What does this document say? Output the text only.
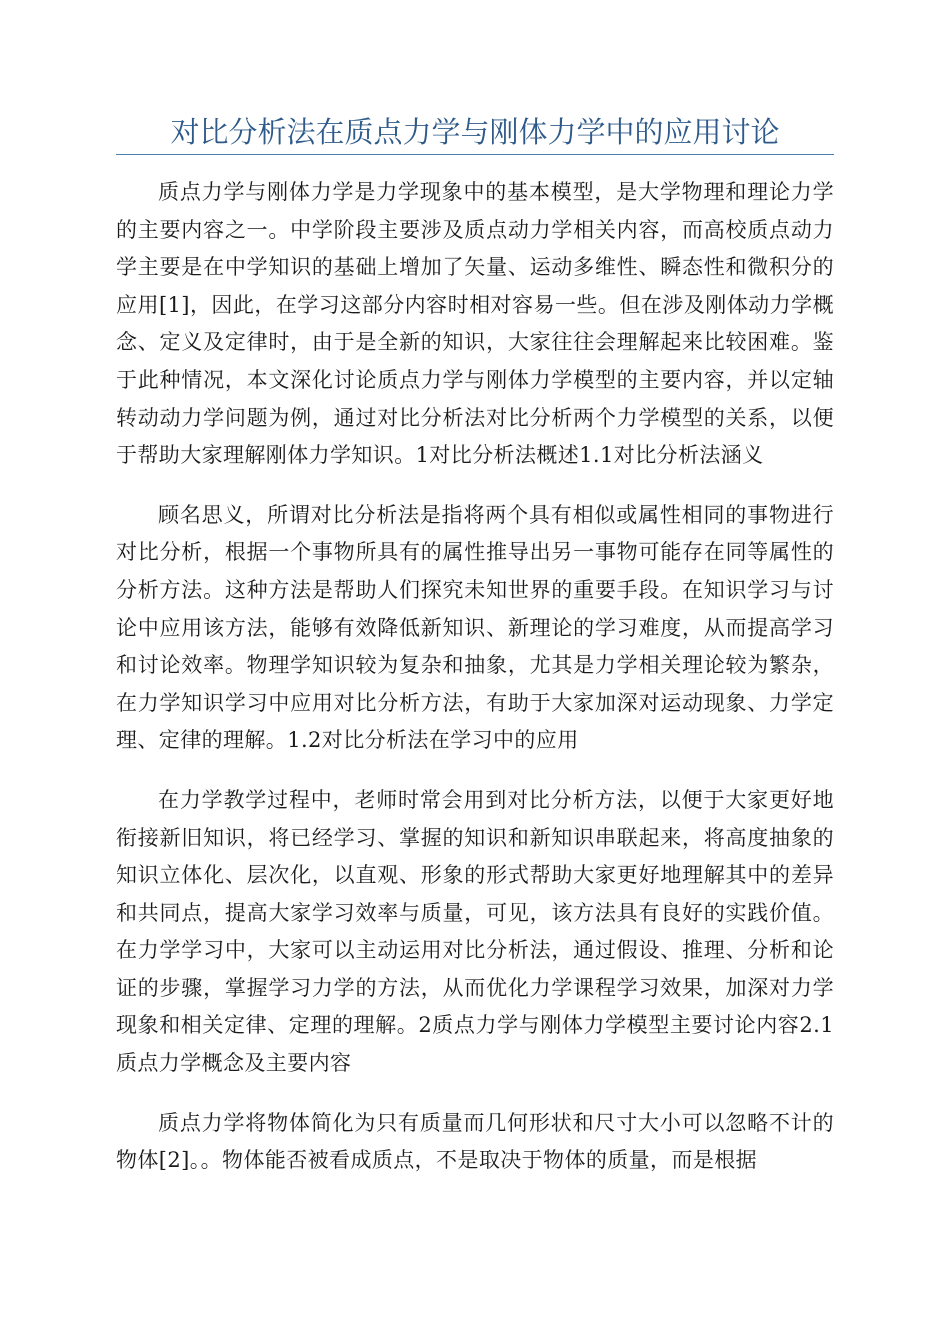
对比分析法在质点力学与刚体力学中的应用讨论

质点力学与刚体力学是力学现象中的基本模型，是大学物理和理论力学的主要内容之一。中学阶段主要涉及质点动力学相关内容，而高校质点动力学主要是在中学知识的基础上增加了矢量、运动多维性、瞬态性和微积分的应用[1]，因此，在学习这部分内容时相对容易一些。但在涉及刚体动力学概念、定义及定律时，由于是全新的知识，大家往往会理解起来比较困难。鉴于此种情况，本文深化讨论质点力学与刚体力学模型的主要内容，并以定轴转动动力学问题为例，通过对比分析法对比分析两个力学模型的关系，以便于帮助大家理解刚体力学知识。1对比分析法概述1.1对比分析法涵义

顾名思义，所谓对比分析法是指将两个具有相似或属性相同的事物进行对比分析，根据一个事物所具有的属性推导出另一事物可能存在同等属性的分析方法。这种方法是帮助人们探究未知世界的重要手段。在知识学习与讨论中应用该方法，能够有效降低新知识、新理论的学习难度，从而提高学习和讨论效率。物理学知识较为复杂和抽象，尤其是力学相关理论较为繁杂，在力学知识学习中应用对比分析方法，有助于大家加深对运动现象、力学定理、定律的理解。1.2对比分析法在学习中的应用

在力学教学过程中，老师时常会用到对比分析方法，以便于大家更好地衔接新旧知识，将已经学习、掌握的知识和新知识串联起来，将高度抽象的知识立体化、层次化，以直观、形象的形式帮助大家更好地理解其中的差异和共同点，提高大家学习效率与质量，可见，该方法具有良好的实践价值。在力学学习中，大家可以主动运用对比分析法，通过假设、推理、分析和论证的步骤，掌握学习力学的方法，从而优化力学课程学习效果，加深对力学现象和相关定律、定理的理解。2质点力学与刚体力学模型主要讨论内容2.1质点力学概念及主要内容

质点力学将物体简化为只有质量而几何形状和尺寸大小可以忽略不计的物体[2]。。物体能否被看成质点，不是取决于物体的质量，而是根据
